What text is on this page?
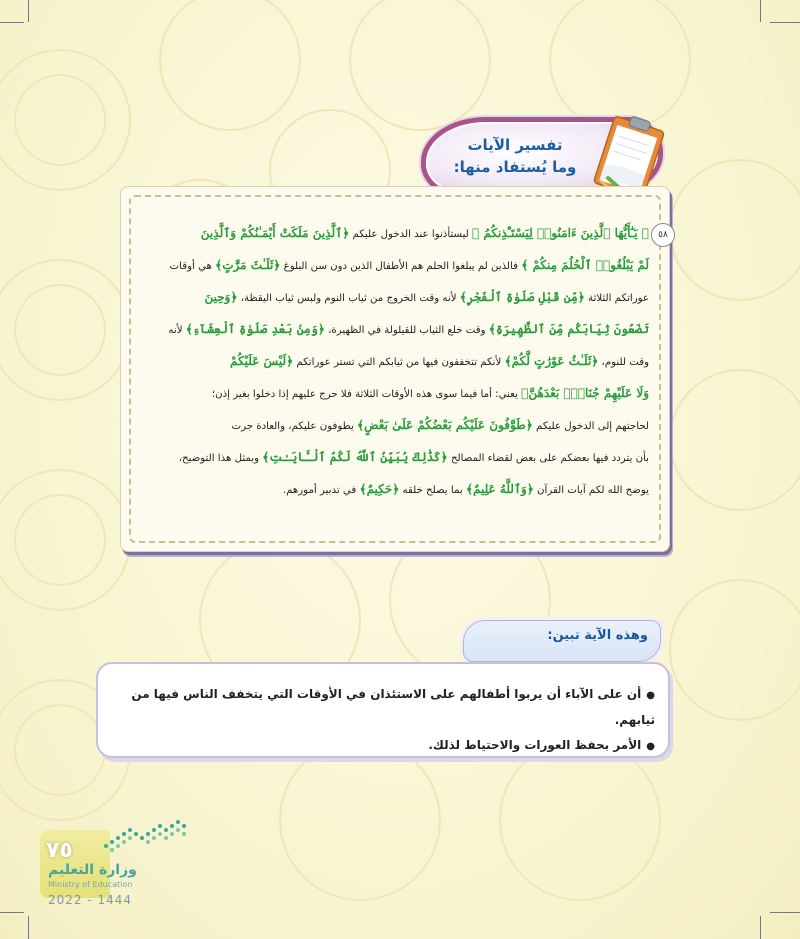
تفسير الآيات
وما يُستفاد منها:
٥٨
﴿ يَـٰٓأَيُّهَا ٱلَّذِينَ ءَامَنُوا۟ لِيَسْتَـْٔذِنكُمُ ﴾ ليستأذنوا عند الدخول عليكم ﴿ٱلَّذِينَ مَلَكَتْ أَيْمَـٰنُكُمْ وَٱلَّذِينَ
لَمْ يَبْلُغُوا۟ ٱلْحُلُمَ مِنكُمْ ﴾ فالذين لم يبلغوا الحلم هم الأطفال الذين دون سن البلوغ ﴿ثَلَـٰثَ مَرَّٰتٍ﴾ هي أوقات
عوراتكم الثلاثة ﴿مِّن قَبْلِ صَلَوٰةِ ٱلْفَجْرِ﴾ لأنه وقت الخروج من ثياب النوم ولبس ثياب اليقظة، ﴿وَحِينَ
تَضَعُونَ ثِيَابَكُم مِّنَ ٱلظَّهِيرَةِ﴾ وقت خلع الثياب للقيلولة في الظهيرة، ﴿وَمِنۢ بَعْدِ صَلَوٰةِ ٱلْعِشَآءِ﴾ لأنه
وقت للنوم، ﴿ثَلَـٰثُ عَوْرَٰتٍ لَّكُمْ﴾ لأنكم تتخففون فيها من ثيابكم التي تستر عوراتكم ﴿لَيْسَ عَلَيْكُمْ
وَلَا عَلَيْهِمْ جُنَاحٌۢ بَعْدَهُنَّ﴾ يعني: أما فيما سوى هذه الأوقات الثلاثة فلا حرج عليهم إذا دخلوا بغير إذن؛
لحاجتهم إلى الدخول عليكم ﴿طَوَّٰفُونَ عَلَيْكُم بَعْضُكُمْ عَلَىٰ بَعْضٍ﴾ يطوفون عليكم، والعادة جرت
بأن يتردد فيها بعضكم على بعض لقضاء المصالح ﴿كَذَٰلِكَ يُبَيِّنُ ٱللَّهُ لَكُمُ ٱلْـَٔايَـٰتِ﴾ وبمثل هذا التوضيح،
يوضح الله لكم آيات القرآن ﴿وَٱللَّهُ عَلِيمٌ﴾ بما يصلح خلقه ﴿حَكِيمٌ﴾ في تدبير أمورهم.
وهذه الآية تبين:
● أن على الآباء أن يربوا أطفالهم على الاستئذان في الأوقات التي يتخفف الناس فيها من ثيابهم.
● الأمر بحفظ العورات والاحتياط لذلك.
٧٥
وزارة التعليم
Ministry of Education
2022 - 1444
